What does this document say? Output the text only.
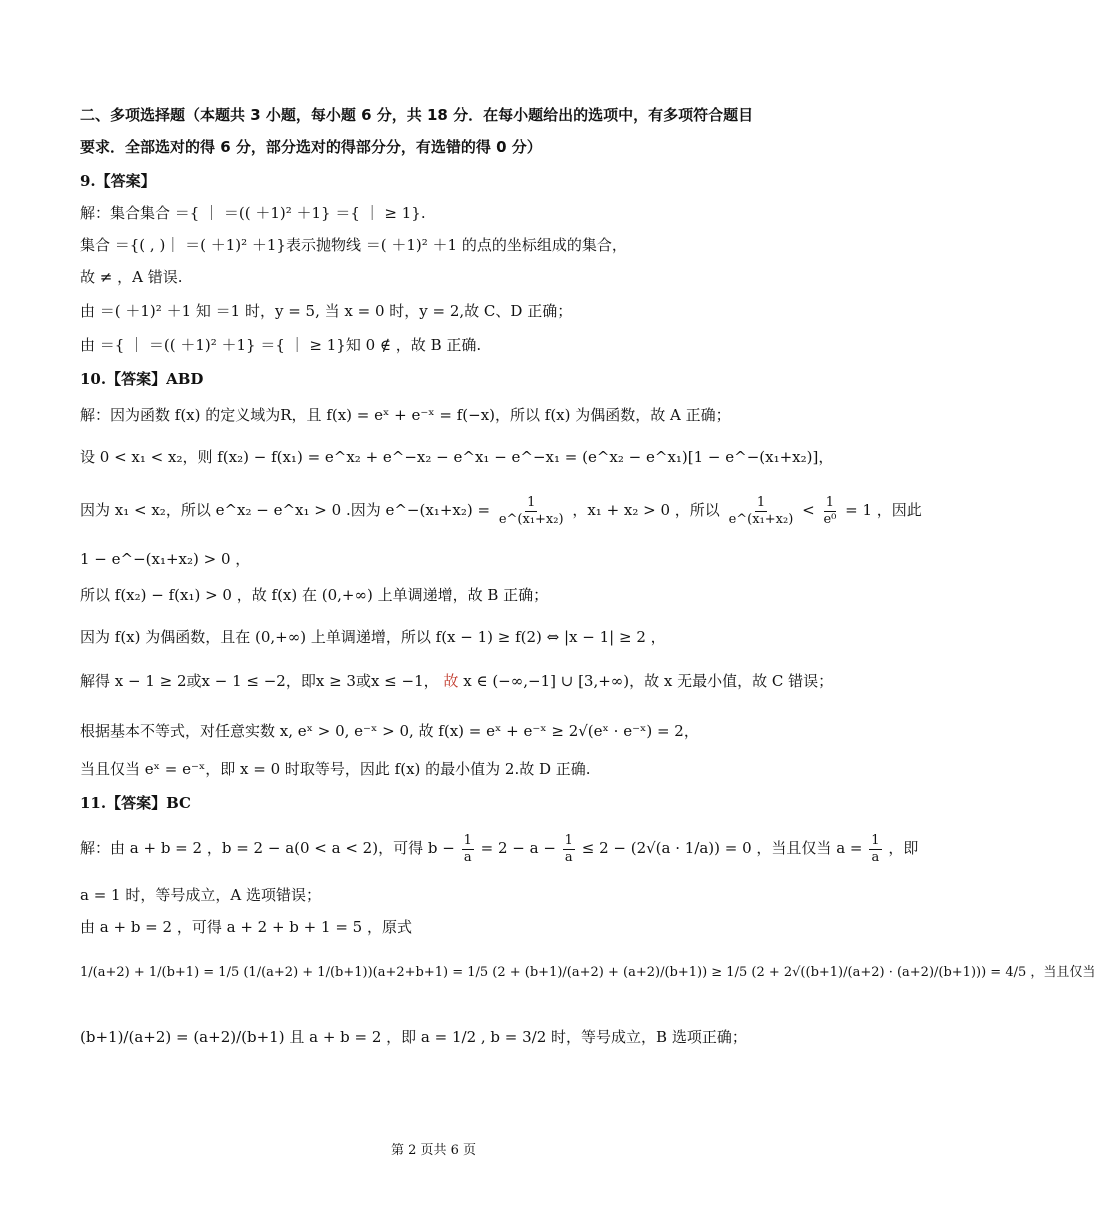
二、多项选择题（本题共 3 小题，每小题 6 分，共 18 分．在每小题给出的选项中，有多项符合题目
要求．全部选对的得 6 分，部分选对的得部分分，有选错的得 0 分）
9.【答案】
解：集合集合 ＝{ ｜ ＝(( ＋1)² ＋1} ＝{ ｜ ≥ 1}.
集合 ＝{( , )｜ ＝( ＋1)² ＋1}表示抛物线 ＝( ＋1)² ＋1 的点的坐标组成的集合，
故 ≠ ，A 错误.
由 ＝( ＋1)² ＋1 知 ＝1 时，y = 5, 当 x = 0 时，y = 2,故 C、D 正确；
由 ＝{ ｜ ＝(( ＋1)² ＋1} ＝{ ｜ ≥ 1}知 0 ∉ ，故 B 正确.
10.【答案】ABD
解：因为函数 f(x) 的定义域为R，且 f(x) = eˣ + e⁻ˣ = f(−x)，所以 f(x) 为偶函数，故 A 正确；
设 0 < x₁ < x₂，则 f(x₂) − f(x₁) = e^x₂ + e^−x₂ − e^x₁ − e^−x₁ = (e^x₂ − e^x₁)[1 − e^−(x₁+x₂)]，
因为 x₁ < x₂，所以 e^x₂ − e^x₁ > 0 .因为 e^−(x₁+x₂) = $\frac{1}{\text{e\textasciicircum{}(x₁+x₂)}}$ ，x₁ + x₂ > 0 ，所以 $\frac{1}{\text{e\textasciicircum{}(x₁+x₂)}} < \frac{1}{\text{e⁰}} = 1$ ，因此
1 − e^−(x₁+x₂) > 0 ，
所以 f(x₂) − f(x₁) > 0 ，故 f(x) 在 (0,+∞) 上单调递增，故 B 正确；
因为 f(x) 为偶函数，且在 (0,+∞) 上单调递增，所以 f(x − 1) ≥ f(2) ⇔ |x − 1| ≥ 2 ，
解得 x − 1 ≥ 2或x − 1 ≤ −2，即x ≥ 3或x ≤ −1， 故 x ∈ (−∞,−1] ∪ [3,+∞)，故 x 无最小值，故 C 错误；
根据基本不等式，对任意实数 x, eˣ > 0, e⁻ˣ > 0, 故 f(x) = eˣ + e⁻ˣ ≥ 2√(eˣ · e⁻ˣ) = 2，
当且仅当 eˣ = e⁻ˣ，即 x = 0 时取等号，因此 f(x) 的最小值为 2.故 D 正确.
11.【答案】BC
解：由 a + b = 2 ，b = 2 − a(0 < a < 2)，可得 $b - \frac{1}{a} = 2 - a - \frac{1}{a} \le 2 - (2√(a \cdot 1/a)) = 0$ ，当且仅当 $a = \frac{1}{a}$ ，即
a = 1 时，等号成立，A 选项错误；
由 a + b = 2 ，可得 a + 2 + b + 1 = 5 ，原式
1/(a+2) + 1/(b+1) = 1/5 (1/(a+2) + 1/(b+1))(a+2+b+1) = 1/5 (2 + (b+1)/(a+2) + (a+2)/(b+1)) ≥ 1/5 (2 + 2√((b+1)/(a+2) · (a+2)/(b+1))) = 4/5 ，当且仅当
(b+1)/(a+2) = (a+2)/(b+1) 且 a + b = 2 ，即 a = 1/2 , b = 3/2 时，等号成立，B 选项正确；
第 2 页共 6 页
